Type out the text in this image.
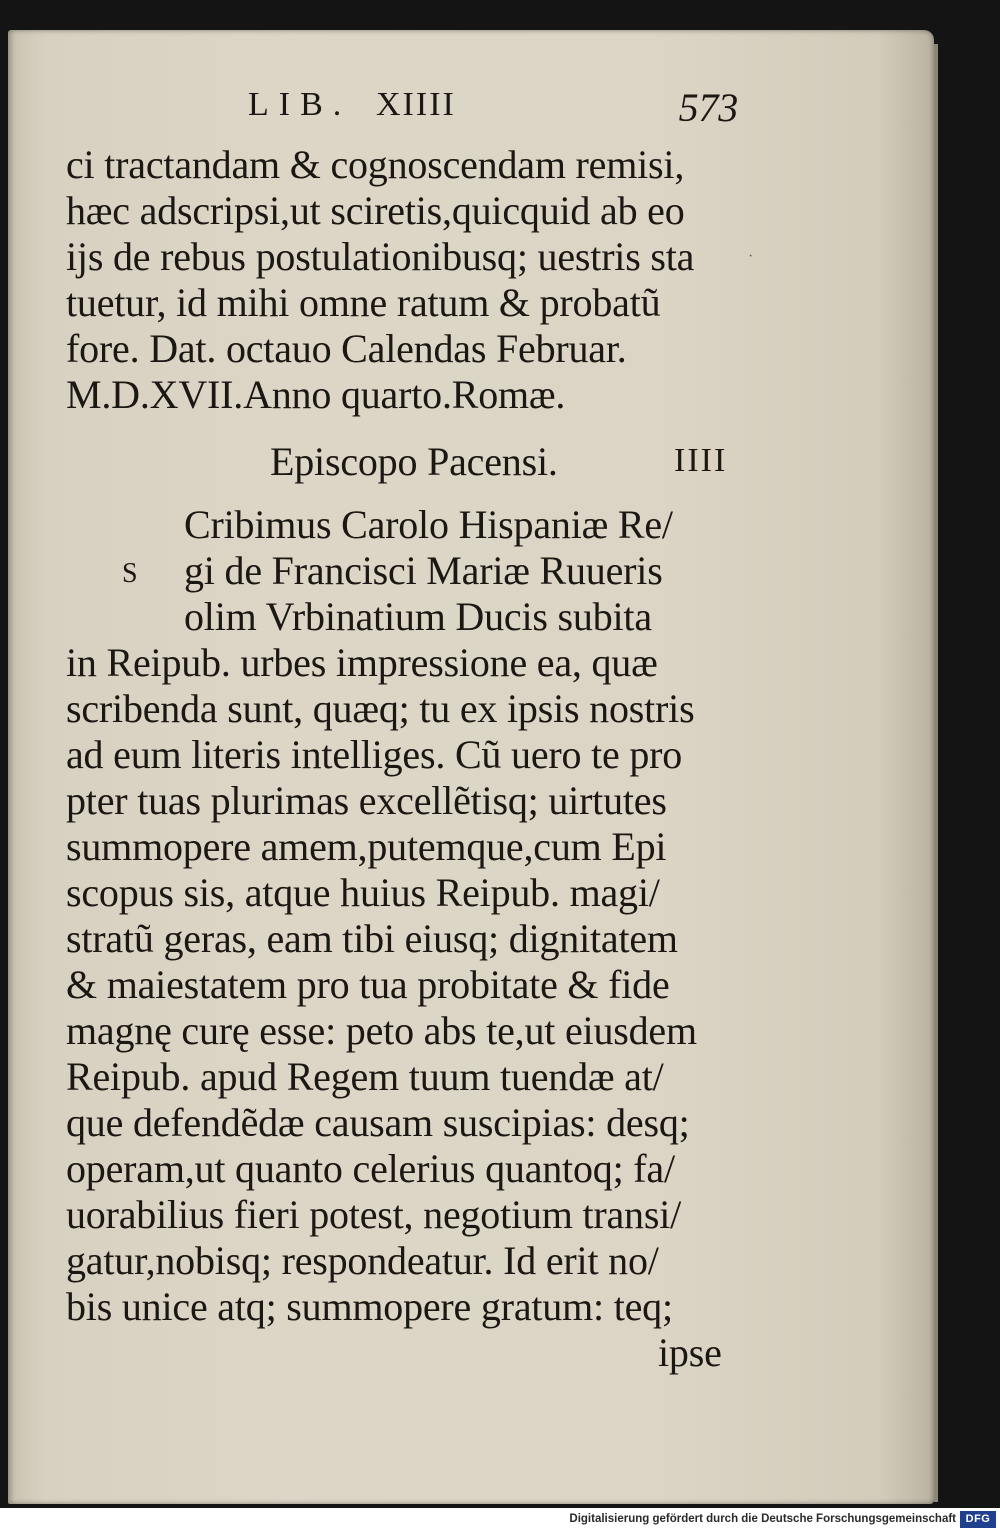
LIB. XIIII	573
ci tractandam & cognoscendam remisi,
hæc adscripsi,ut sciretis,quicquid ab eo
ijs de rebus postulationibusq; uestris sta
tuetur, id mihi omne ratum & probatũ
fore. Dat. octauo Calendas Februar.
M.D.XVII.Anno quarto.Romæ.
Cribimus Carolo Hispaniæ Re/
gi de Francisci Mariæ Ruueris
olim Vrbinatium Ducis subita
in Reipub. urbes impressione ea, quæ
scribenda sunt, quæq; tu ex ipsis nostris
ad eum literis intelliges. Cũ uero te pro
pter tuas plurimas excellẽtisq; uirtutes
summopere amem,putemque,cum Epi
scopus sis, atque huius Reipub. magi/
stratũ geras, eam tibi eiusq; dignitatem
& maiestatem pro tua probitate & fide
magnę curę esse: peto abs te,ut eiusdem
Reipub. apud Regem tuum tuendæ at/
que defendẽdæ causam suscipias: desq;
operam,ut quanto celerius quantoq; fa/
uorabilius fieri potest, negotium transi/
gatur,nobisq; respondeatur. Id erit no/
bis unice atq; summopere gratum: teq;
ipse
Episcopo Pacensi.	IIII
S
·
Digitalisierung gefördert durch die Deutsche Forschungsgemeinschaft DFG
